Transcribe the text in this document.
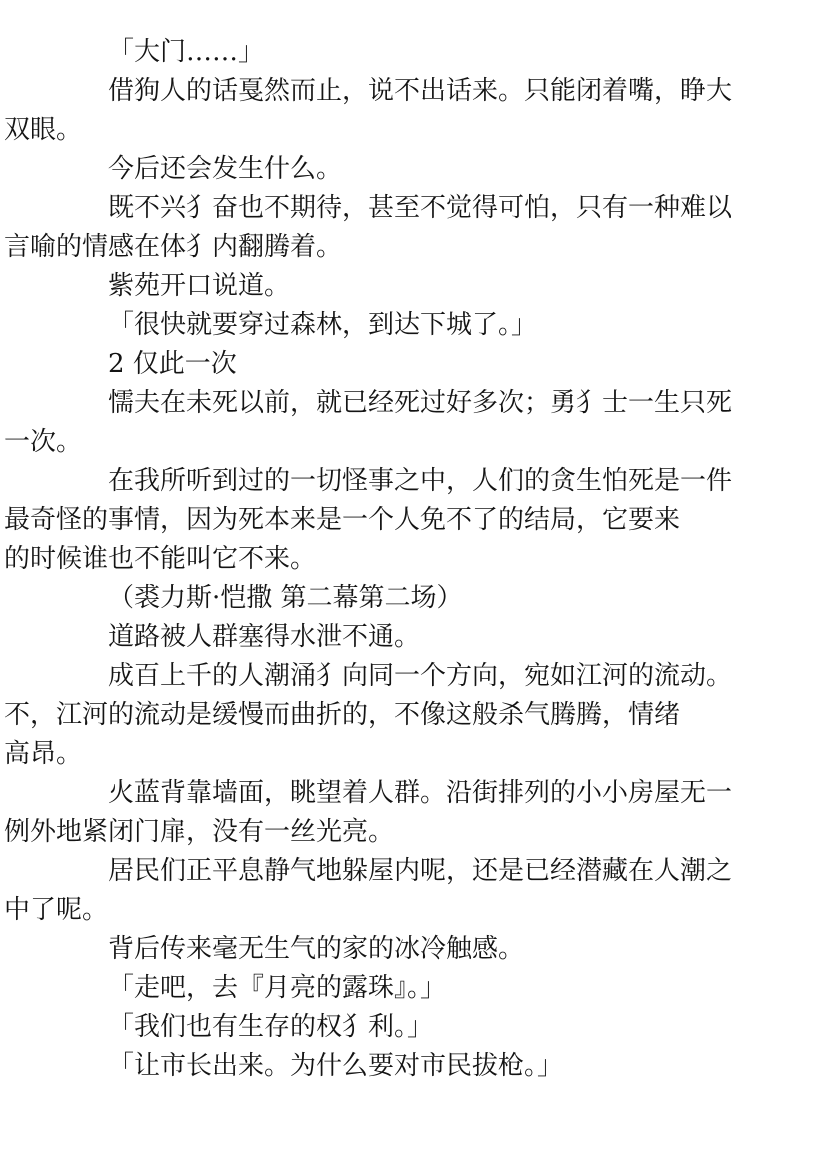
「大门……」

借狗人的话戛然而止，说不出话来。只能闭着嘴，睁大
双眼。

今后还会发生什么。

既不兴犭奋也不期待，甚至不觉得可怕，只有一种难以
言喻的情感在体犭内翻腾着。

紫苑开口说道。

「很快就要穿过森林，到达下城了。」

2 仅此一次

懦夫在未死以前，就已经死过好多次；勇犭士一生只死
一次。

在我所听到过的一切怪事之中，人们的贪生怕死是一件
最奇怪的事情，因为死本来是一个人免不了的结局，它要来
的时候谁也不能叫它不来。

（裘力斯·恺撒 第二幕第二场）

道路被人群塞得水泄不通。

成百上千的人潮涌犭向同一个方向，宛如江河的流动。
不，江河的流动是缓慢而曲折的，不像这般杀气腾腾，情绪
高昂。

火蓝背靠墙面，眺望着人群。沿街排列的小小房屋无一
例外地紧闭门扉，没有一丝光亮。

居民们正平息静气地躲屋内呢，还是已经潜藏在人潮之
中了呢。

背后传来毫无生气的家的冰冷触感。

「走吧，去『月亮的露珠』。」

「我们也有生存的权犭利。」

「让市长出来。为什么要对市民拔枪。」
